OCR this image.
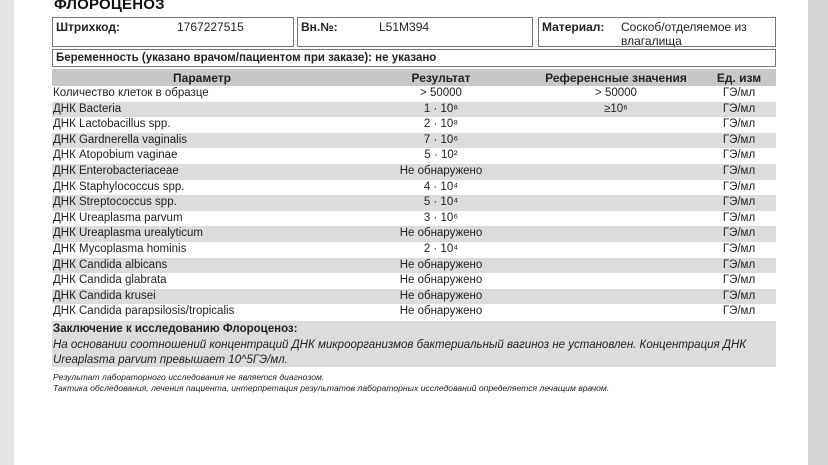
ФЛОРОЦЕНОЗ
Штрихкод:	1767227515	Вн.№:	L51M394	Материал: Соскоб/отделяемое из
влагалища
Беременность (указано врачом/пациентом при заказе): не указано
Параметр	Результат	Референсные значения	Ед. изм
Количество клеток в образце	> 50000	> 50000	ГЭ/мл
ДНК Bacteria	1 · 10⁸	≥10⁶	ГЭ/мл
ДНК Lactobacillus spp.	2 · 10⁸		ГЭ/мл
ДНК Gardnerella vaginalis	7 · 10⁶		ГЭ/мл
ДНК Atopobium vaginae	5 · 10²		ГЭ/мл
ДНК Enterobacteriaceae	Не обнаружено		ГЭ/мл
ДНК Staphylococcus spp.	4 · 10⁴		ГЭ/мл
ДНК Streptococcus spp.	5 · 10⁴		ГЭ/мл
ДНК Ureaplasma parvum	3 · 10⁶		ГЭ/мл
ДНК Ureaplasma urealyticum	Не обнаружено		ГЭ/мл
ДНК Mycoplasma hominis	2 · 10⁴		ГЭ/мл
ДНК Candida albicans	Не обнаружено		ГЭ/мл
ДНК Candida glabrata	Не обнаружено		ГЭ/мл
ДНК Candida krusei	Не обнаружено		ГЭ/мл
ДНК Candida parapsilosis/tropicalis	Не обнаружено		ГЭ/мл
Заключение к исследованию Флороценоз:
На основании соотношений концентраций ДНК микроорганизмов бактериальный вагиноз не установлен. Концентрация ДНК Ureaplasma parvum превышает 10^5ГЭ/мл.
Результат лабораторного исследования не является диагнозом.
Тактика обследования, лечения пациента, интерпретация результатов лабораторных исследований определяется лечащим врачом.
